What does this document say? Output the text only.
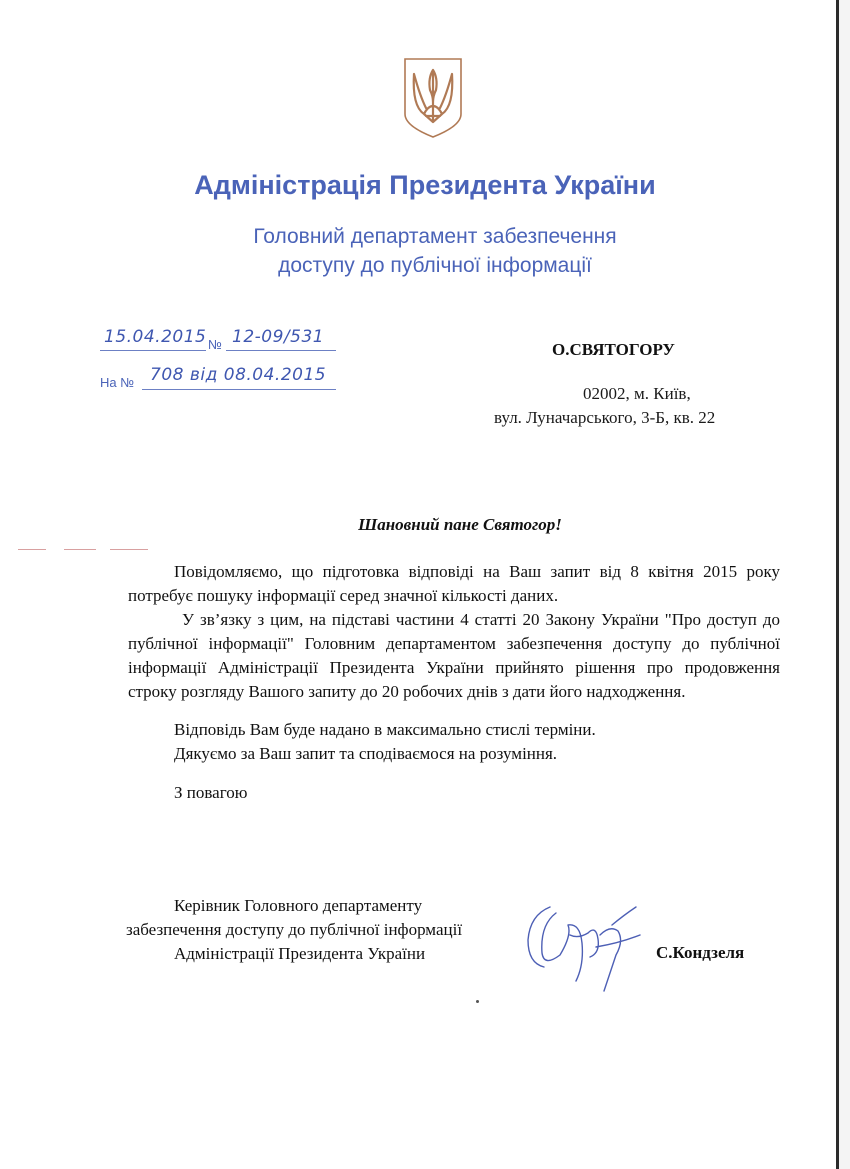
Адміністрація Президента України

Головний департамент забезпечення

доступу до публічної інформації

15.04.2015 № 12-09/531
На № 708 від 08.04.2015
О.СВЯТОГОРУ
02002, м. Київ,
вул. Луначарського, 3-Б, кв. 22
Шановний пане Святогор!

Повідомляємо, що підготовка відповіді на Ваш запит від 8 квітня 2015 року потребує пошуку інформації серед значної кількості даних.

У зв’язку з цим, на підставі частини 4 статті 20 Закону України "Про доступ до публічної інформації" Головним департаментом забезпечення доступу до публічної інформації Адміністрації Президента України прийнято рішення про продовження строку розгляду Вашого запиту до 20 робочих днів з дати його надходження.

Відповідь Вам буде надано в максимально стислі терміни.

Дякуємо за Ваш запит та сподіваємося на розуміння.

З повагою
Керівник Головного департаменту
забезпечення доступу до публічної інформації
Адміністрації Президента України	С.Кондзеля
